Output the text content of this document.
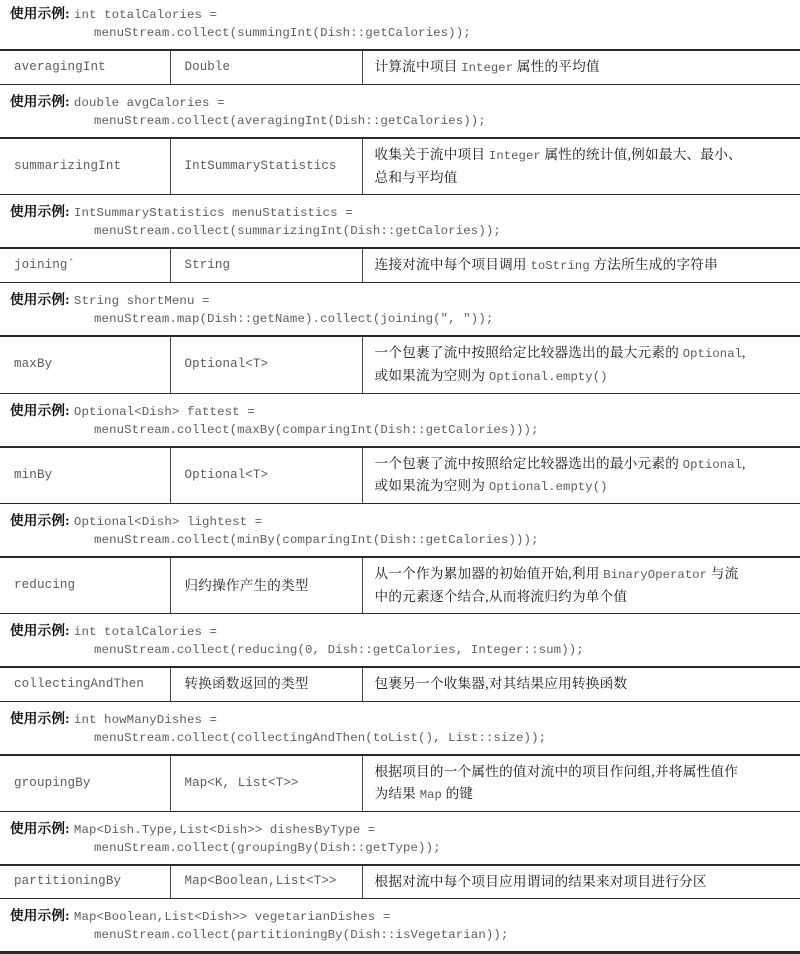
使用示例: int totalCalories =
menuStream.collect(summingInt(Dish::getCalories));		

averagingInt	Double	计算流中项目 Integer 属性的平均值

使用示例: double avgCalories =
menuStream.collect(averagingInt(Dish::getCalories));		

summarizingInt	IntSummaryStatistics	收集关于流中项目 Integer 属性的统计值,例如最大、最小、
总和与平均值

使用示例: IntSummaryStatistics menuStatistics =
menuStream.collect(summarizingInt(Dish::getCalories));		

joining`	String	连接对流中每个项目调用 toString 方法所生成的字符串

使用示例: String shortMenu =
menuStream.map(Dish::getName).collect(joining(", "));		

maxBy	Optional<T>	一个包裹了流中按照给定比较器选出的最大元素的 Optional,
或如果流为空则为 Optional.empty()

使用示例: Optional<Dish> fattest =
menuStream.collect(maxBy(comparingInt(Dish::getCalories)));		

minBy	Optional<T>	一个包裹了流中按照给定比较器选出的最小元素的 Optional,
或如果流为空则为 Optional.empty()

使用示例: Optional<Dish> lightest =
menuStream.collect(minBy(comparingInt(Dish::getCalories)));		

reducing	归约操作产生的类型	从一个作为累加器的初始值开始,利用 BinaryOperator 与流
中的元素逐个结合,从而将流归约为单个值

使用示例: int totalCalories =
menuStream.collect(reducing(0, Dish::getCalories, Integer::sum));		

collectingAndThen	转换函数返回的类型	包裹另一个收集器,对其结果应用转换函数

使用示例: int howManyDishes =
menuStream.collect(collectingAndThen(toList(), List::size));		

groupingBy	Map<K, List<T>>	根据项目的一个属性的值对流中的项目作问组,并将属性值作
为结果 Map 的键

使用示例: Map<Dish.Type,List<Dish>> dishesByType =
menuStream.collect(groupingBy(Dish::getType));		

partitioningBy	Map<Boolean,List<T>>	根据对流中每个项目应用谓词的结果来对项目进行分区

使用示例: Map<Boolean,List<Dish>> vegetarianDishes =
menuStream.collect(partitioningBy(Dish::isVegetarian));		
